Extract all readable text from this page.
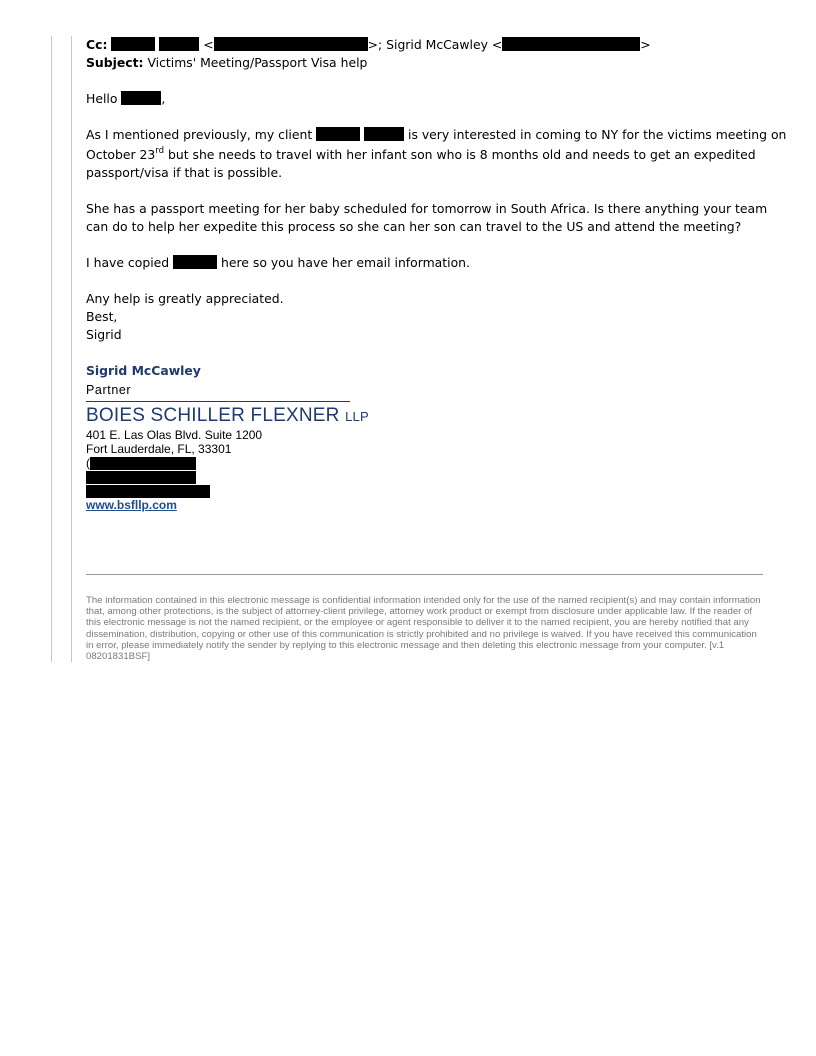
Cc:	<	>; Sigrid McCawley <	>
Subject: Victims' Meeting/Passport Visa help
Hello	,
As I mentioned previously, my client	is very interested in coming to NY for the victims meeting on
October 23rd but she needs to travel with her infant son who is 8 months old and needs to get an expedited
passport/visa if that is possible.
She has a passport meeting for her baby scheduled for tomorrow in South Africa. Is there anything your team
can do to help her expedite this process so she can her son can travel to the US and attend the meeting?
I have copied	here so you have her email information.
Any help is greatly appreciated.
Best,
Sigrid
Sigrid McCawley
Partner
BOIES SCHILLER FLEXNER LLP
401 E. Las Olas Blvd. Suite 1200
Fort Lauderdale, FL, 33301
(
www.bsfllp.com
The information contained in this electronic message is confidential information intended only for the use of the named recipient(s) and may contain information that, among other protections, is the subject of attorney-client privilege, attorney work product or exempt from disclosure under applicable law. If the reader of this electronic message is not the named recipient, or the employee or agent responsible to deliver it to the named recipient, you are hereby notified that any dissemination, distribution, copying or other use of this communication is strictly prohibited and no privilege is waived. If you have received this communication in error, please immediately notify the sender by replying to this electronic message and then deleting this electronic message from your computer. [v.1 08201831BSF]
